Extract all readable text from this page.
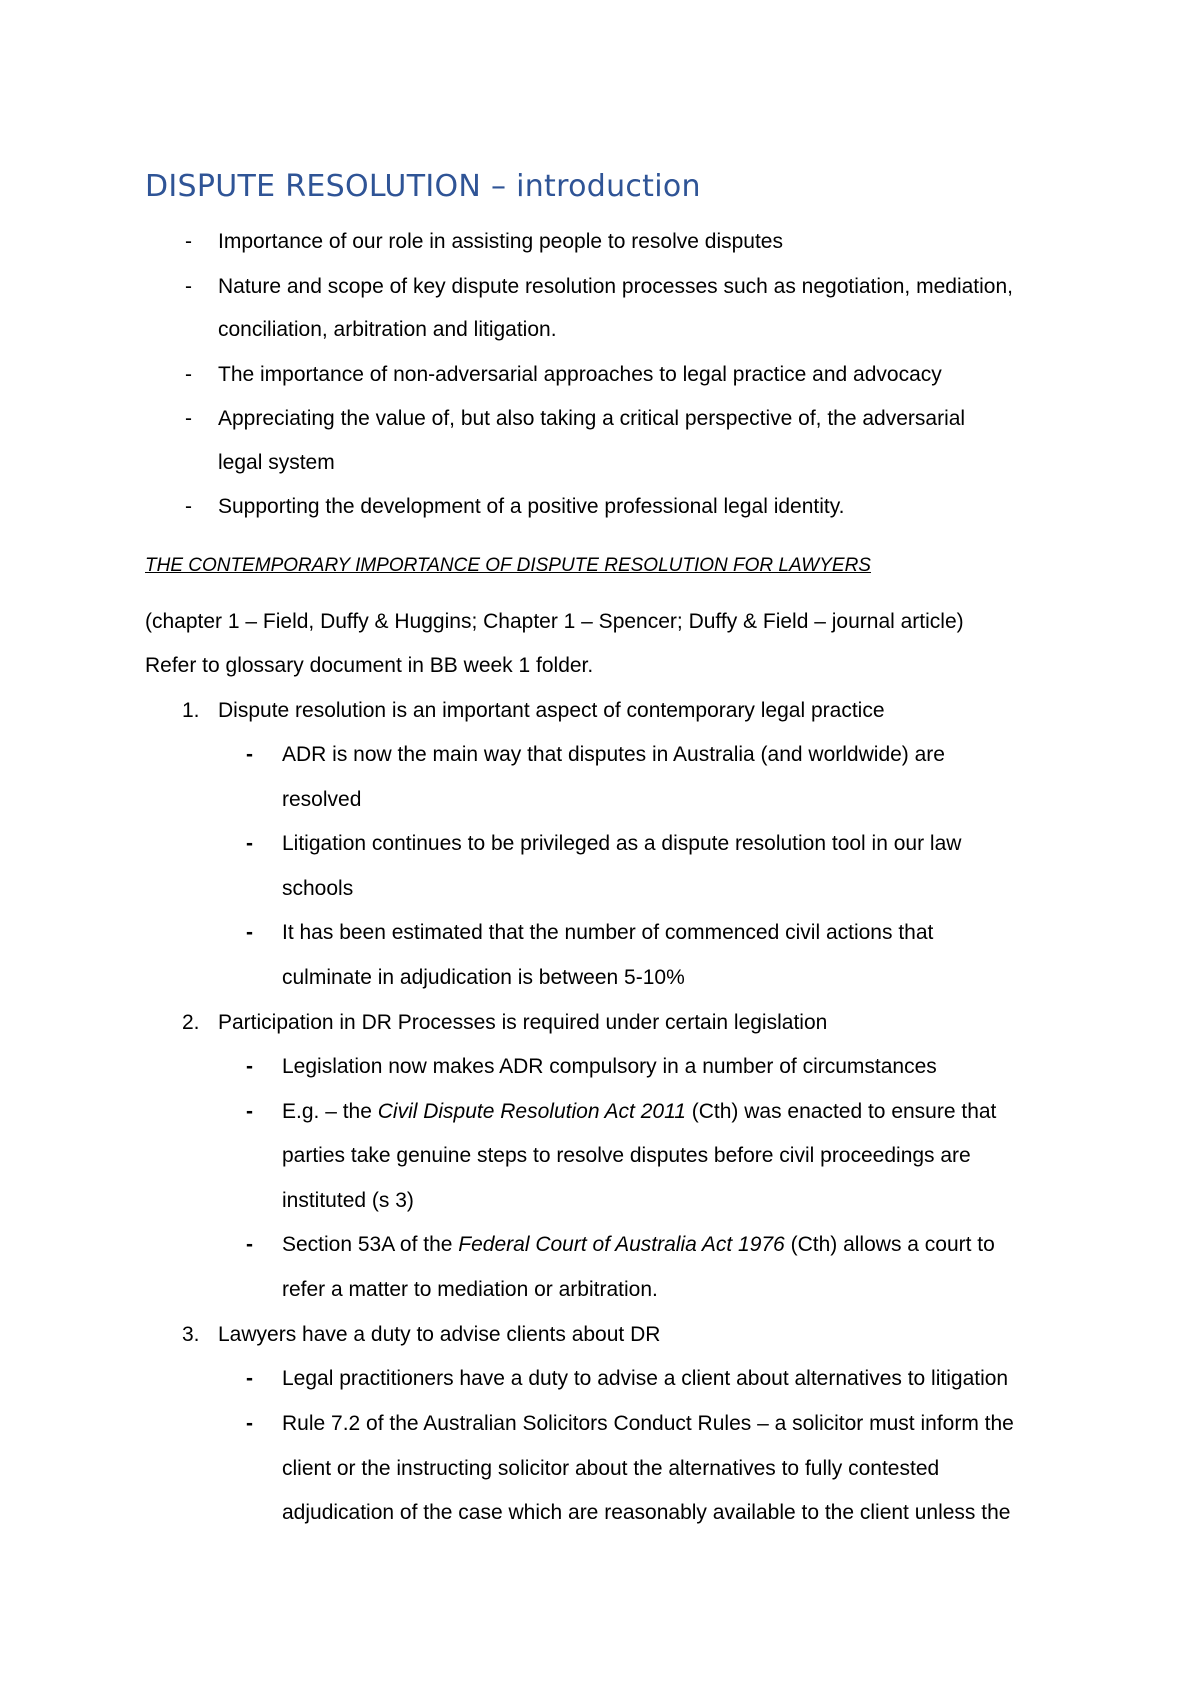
DISPUTE RESOLUTION – introduction
- Importance of our role in assisting people to resolve disputes
- Nature and scope of key dispute resolution processes such as negotiation, mediation,
conciliation, arbitration and litigation.
- The importance of non-adversarial approaches to legal practice and advocacy
- Appreciating the value of, but also taking a critical perspective of, the adversarial
legal system
- Supporting the development of a positive professional legal identity.
THE CONTEMPORARY IMPORTANCE OF DISPUTE RESOLUTION FOR LAWYERS
(chapter 1 – Field, Duffy & Huggins; Chapter 1 – Spencer; Duffy & Field – journal article)
Refer to glossary document in BB week 1 folder.
1. Dispute resolution is an important aspect of contemporary legal practice
- ADR is now the main way that disputes in Australia (and worldwide) are
resolved
- Litigation continues to be privileged as a dispute resolution tool in our law
schools
- It has been estimated that the number of commenced civil actions that
culminate in adjudication is between 5-10%
2. Participation in DR Processes is required under certain legislation
- Legislation now makes ADR compulsory in a number of circumstances
- E.g. – the Civil Dispute Resolution Act 2011 (Cth) was enacted to ensure that
parties take genuine steps to resolve disputes before civil proceedings are
instituted (s 3)
- Section 53A of the Federal Court of Australia Act 1976 (Cth) allows a court to
refer a matter to mediation or arbitration.
3. Lawyers have a duty to advise clients about DR
- Legal practitioners have a duty to advise a client about alternatives to litigation
- Rule 7.2 of the Australian Solicitors Conduct Rules – a solicitor must inform the
client or the instructing solicitor about the alternatives to fully contested
adjudication of the case which are reasonably available to the client unless the
